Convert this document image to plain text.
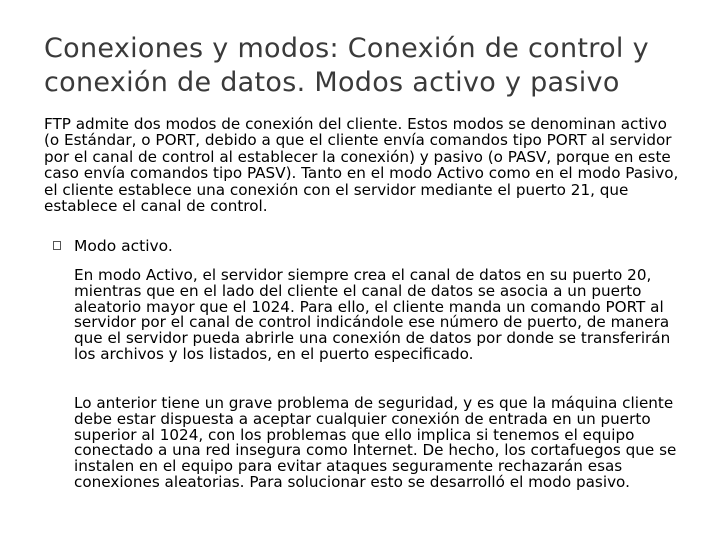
Conexiones y modos: Conexión de control y conexión de datos. Modos activo y pasivo
FTP admite dos modos de conexión del cliente. Estos modos se denominan activo (o Estándar, o PORT, debido a que el cliente envía comandos tipo PORT al servidor por el canal de control al establecer la conexión) y pasivo (o PASV, porque en este caso envía comandos tipo PASV). Tanto en el modo Activo como en el modo Pasivo, el cliente establece una conexión con el servidor mediante el puerto 21, que establece el canal de control.
Modo activo.
En modo Activo, el servidor siempre crea el canal de datos en su puerto 20, mientras que en el lado del cliente el canal de datos se asocia a un puerto aleatorio mayor que el 1024. Para ello, el cliente manda un comando PORT al servidor por el canal de control indicándole ese número de puerto, de manera que el servidor pueda abrirle una conexión de datos por donde se transferirán los archivos y los listados, en el puerto especificado.
Lo anterior tiene un grave problema de seguridad, y es que la máquina cliente debe estar dispuesta a aceptar cualquier conexión de entrada en un puerto superior al 1024, con los problemas que ello implica si tenemos el equipo conectado a una red insegura como Internet. De hecho, los cortafuegos que se instalen en el equipo para evitar ataques seguramente rechazarán esas conexiones aleatorias. Para solucionar esto se desarrolló el modo pasivo.
